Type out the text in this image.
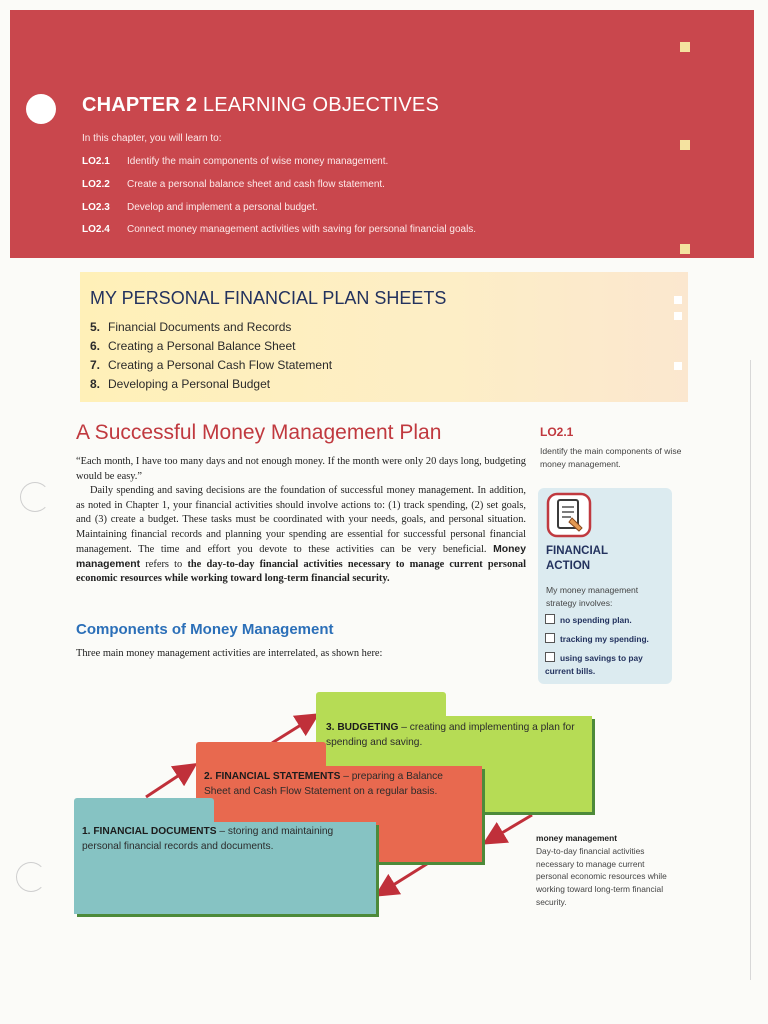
CHAPTER 2 LEARNING OBJECTIVES
In this chapter, you will learn to:
LO2.1 Identify the main components of wise money management.
LO2.2 Create a personal balance sheet and cash flow statement.
LO2.3 Develop and implement a personal budget.
LO2.4 Connect money management activities with saving for personal financial goals.
MY PERSONAL FINANCIAL PLAN SHEETS
5. Financial Documents and Records
6. Creating a Personal Balance Sheet
7. Creating a Personal Cash Flow Statement
8. Developing a Personal Budget
A Successful Money Management Plan
“Each month, I have too many days and not enough money. If the month were only 20 days long, budgeting would be easy.”
Daily spending and saving decisions are the foundation of successful money management. In addition, as noted in Chapter 1, your financial activities should involve actions to: (1) track spending, (2) set goals, and (3) create a budget. These tasks must be coordinated with your needs, goals, and personal situation. Maintaining financial records and planning your spending are essential for successful personal financial management. The time and effort you devote to these activities can be very beneficial. Money management refers to the day-to-day financial activities necessary to manage current personal economic resources while working toward long-term financial security.
Components of Money Management
Three main money management activities are interrelated, as shown here:
LO2.1
Identify the main components of wise money management.
FINANCIAL
ACTION
My money management strategy involves:
no spending plan.
tracking my spending.
using savings to pay current bills.
money management
Day-to-day financial activities necessary to manage current personal economic resources while working toward long-term financial security.
3. BUDGETING – creating and implementing a plan for spending and saving.
2. FINANCIAL STATEMENTS – preparing a Balance Sheet and Cash Flow Statement on a regular basis.
1. FINANCIAL DOCUMENTS – storing and maintaining personal financial records and documents.
